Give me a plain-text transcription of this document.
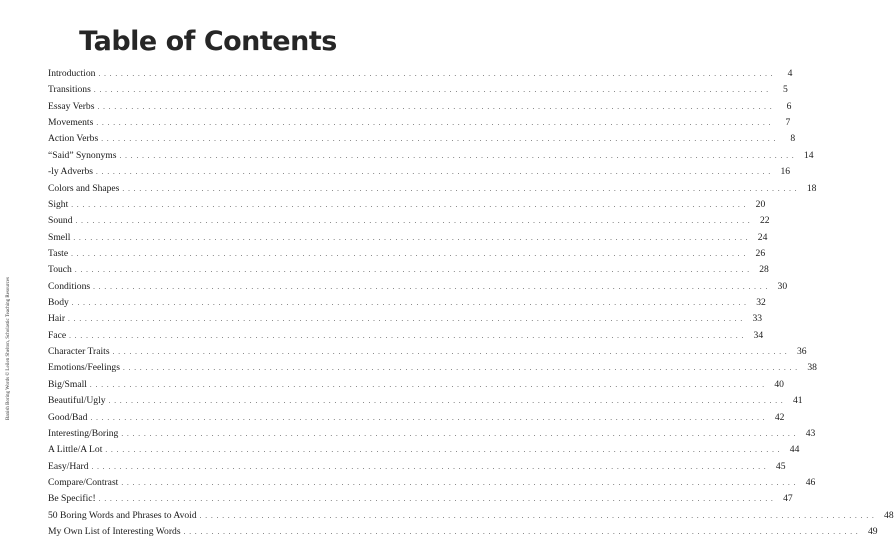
Table of Contents
Banish Boring Words © Leilen Shelton, Scholastic Teaching Resources
Introduction ........................................................................................................................	4
Transitions ........................................................................................................................	5
Essay Verbs ........................................................................................................................	6
Movements ........................................................................................................................	7
Action Verbs ........................................................................................................................	8
“Said” Synonyms ........................................................................................................................ 14
-ly Adverbs ........................................................................................................................ 16
Colors and Shapes ........................................................................................................................ 18
Sight ........................................................................................................................ 20
Sound ........................................................................................................................ 22
Smell ........................................................................................................................ 24
Taste ........................................................................................................................ 26
Touch ........................................................................................................................ 28
Conditions ........................................................................................................................ 30
Body ........................................................................................................................ 32
Hair ........................................................................................................................ 33
Face ........................................................................................................................ 34
Character Traits ........................................................................................................................ 36
Emotions/Feelings ........................................................................................................................ 38
Big/Small ........................................................................................................................ 40
Beautiful/Ugly ........................................................................................................................ 41
Good/Bad ........................................................................................................................ 42
Interesting/Boring ........................................................................................................................ 43
A Little/A Lot ........................................................................................................................ 44
Easy/Hard ........................................................................................................................ 45
Compare/Contrast ........................................................................................................................ 46
Be Specific! ........................................................................................................................ 47
50 Boring Words and Phrases to Avoid ........................................................................................................................ 48
My Own List of Interesting Words ........................................................................................................................ 49
